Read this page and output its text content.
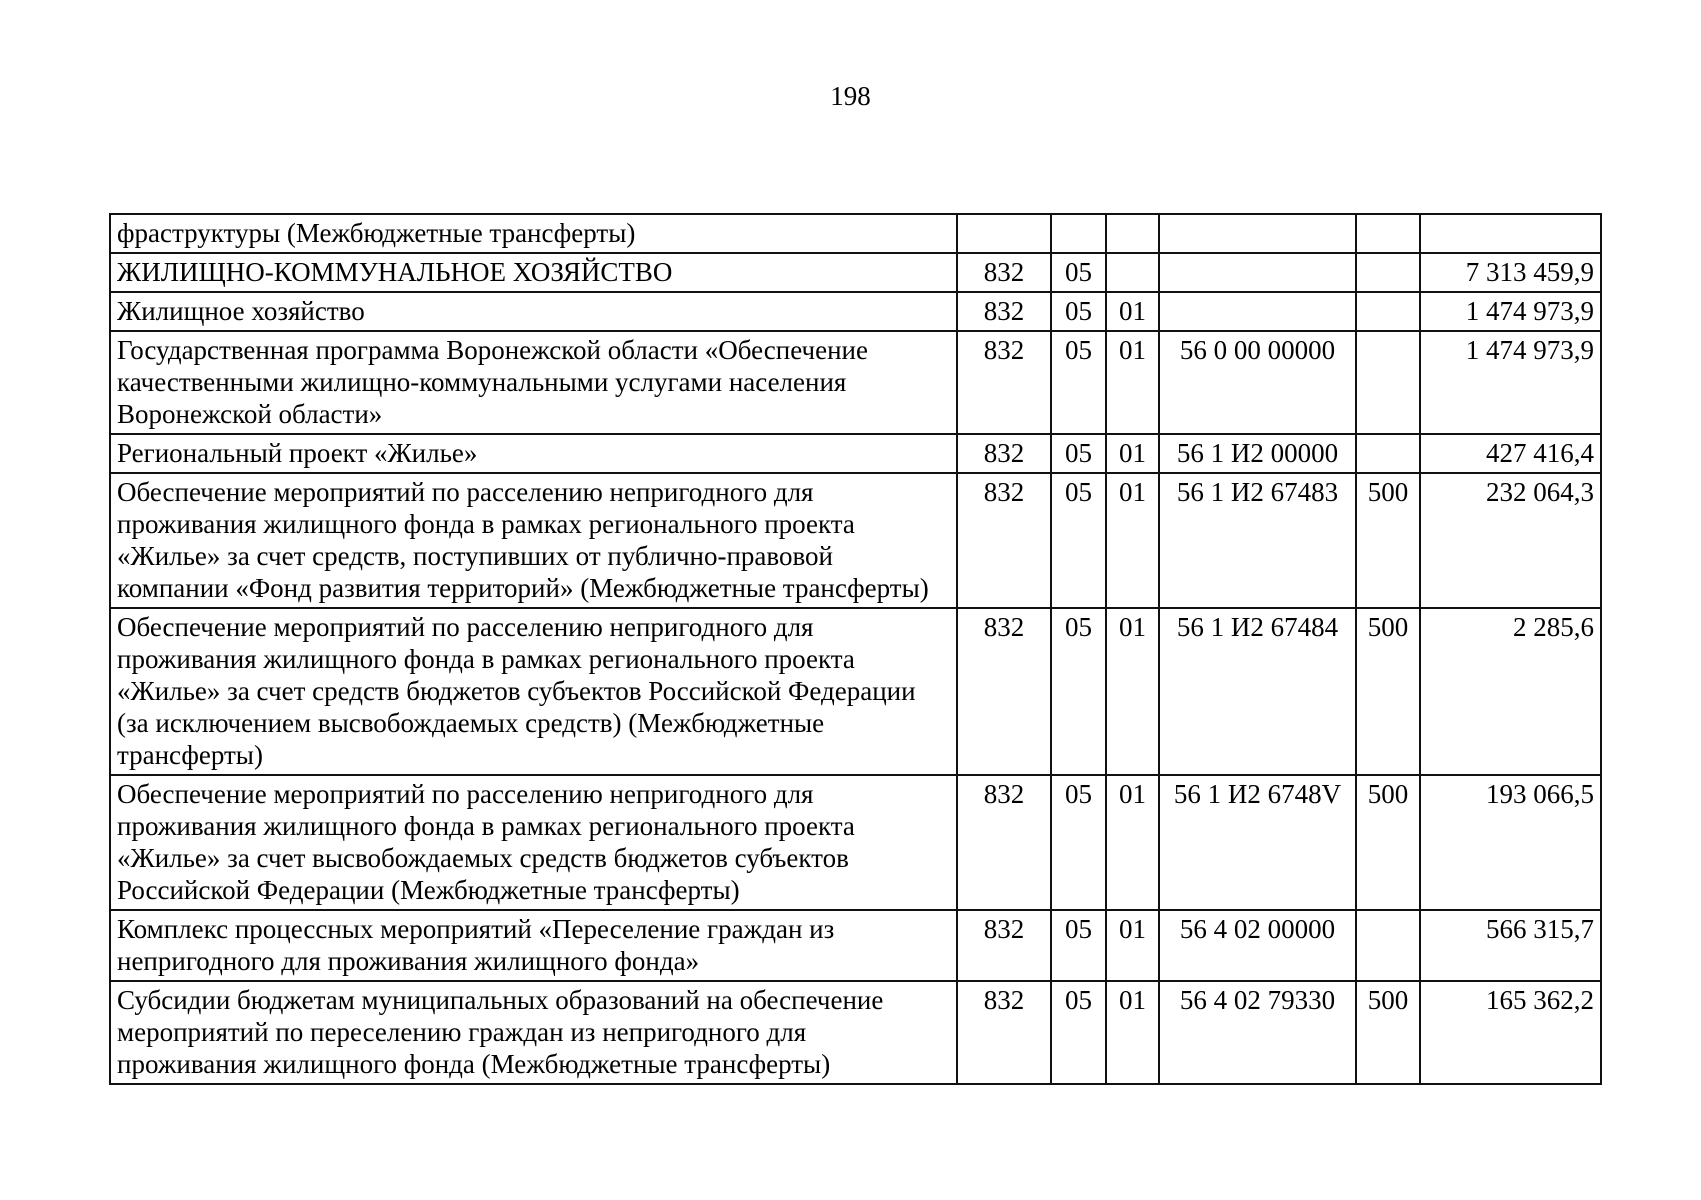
198
фраструктуры (Межбюджетные трансферты)						
ЖИЛИЩНО-КОММУНАЛЬНОЕ ХОЗЯЙСТВО	832	05				7 313 459,9
Жилищное хозяйство	832	05	01			1 474 973,9
Государственная программа Воронежской области «Обеспечение качественными жилищно-коммунальными услугами населения Воронежской области»	832	05	01	56 0 00 00000		1 474 973,9
Региональный проект «Жилье»	832	05	01	56 1 И2 00000		427 416,4
Обеспечение мероприятий по расселению непригодного для проживания жилищного фонда в рамках регионального проекта «Жилье» за счет средств, поступивших от публично-правовой компании «Фонд развития территорий» (Межбюджетные трансферты)	832	05	01	56 1 И2 67483	500	232 064,3
Обеспечение мероприятий по расселению непригодного для проживания жилищного фонда в рамках регионального проекта «Жилье» за счет средств бюджетов субъектов Российской Федерации (за исключением высвобождаемых средств) (Межбюджетные трансферты)	832	05	01	56 1 И2 67484	500	2 285,6
Обеспечение мероприятий по расселению непригодного для проживания жилищного фонда в рамках регионального проекта «Жилье» за счет высвобождаемых средств бюджетов субъектов Российской Федерации (Межбюджетные трансферты)	832	05	01	56 1 И2 6748V	500	193 066,5
Комплекс процессных мероприятий «Переселение граждан из непригодного для проживания жилищного фонда»	832	05	01	56 4 02 00000		566 315,7
Субсидии бюджетам муниципальных образований на обеспечение мероприятий по переселению граждан из непригодного для проживания жилищного фонда (Межбюджетные трансферты)	832	05	01	56 4 02 79330	500	165 362,2
